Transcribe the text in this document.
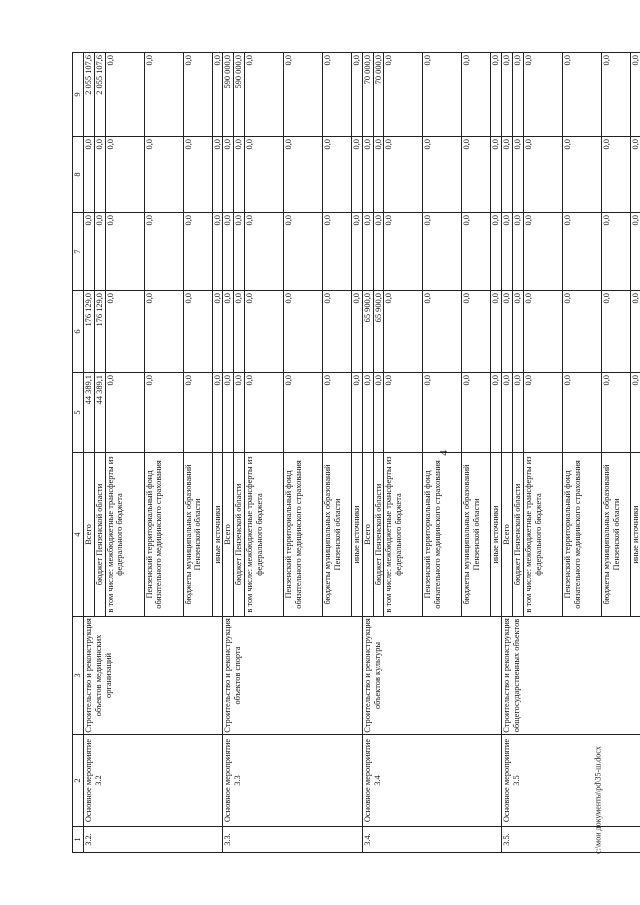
4
c:\мои документы\pd\35-ш.docx
1	2	3	4	5	6	7	8	9
3.2.	Основное мероприятие 3.2	Строительство и реконструкция объектов медицинских организаций	Всего	44 389,1	176 129,0	0,0	0,0	2 055 107,6
			бюджет Пензенской области	44 389,1	176 129,0	0,0	0,0	2 055 107,6
			в том числе: межбюджетные трансферты из федерального бюджета	0,0	0,0	0,0	0,0	0,0
			Пензенский территориальный фонд обязательного медицинского страхования	0,0	0,0	0,0	0,0	0,0
			бюджеты муниципальных образований Пензенской области	0,0	0,0	0,0	0,0	0,0
			иные источники	0,0	0,0	0,0	0,0	0,0
3.3.	Основное мероприятие 3.3	Строительство и реконструкция объектов спорта	Всего	0,0	0,0	0,0	0,0	590 000,0
			бюджет Пензенской области	0,0	0,0	0,0	0,0	590 000,0
			в том числе: межбюджетные трансферты из федерального бюджета	0,0	0,0	0,0	0,0	0,0
			Пензенский территориальный фонд обязательного медицинского страхования	0,0	0,0	0,0	0,0	0,0
			бюджеты муниципальных образований Пензенской области	0,0	0,0	0,0	0,0	0,0
			иные источники	0,0	0,0	0,0	0,0	0,0
3.4.	Основное мероприятие 3.4	Строительство и реконструкция объектов культуры	Всего	0,0	65 900,0	0,0	0,0	70 000,0
			бюджет Пензенской области	0,0	65 900,0	0,0	0,0	70 000,0
			в том числе: межбюджетные трансферты из федерального бюджета	0,0	0,0	0,0	0,0	0,0
			Пензенский территориальный фонд обязательного медицинского страхования	0,0	0,0	0,0	0,0	0,0
			бюджеты муниципальных образований Пензенской области	0,0	0,0	0,0	0,0	0,0
			иные источники	0,0	0,0	0,0	0,0	0,0
3.5.	Основное мероприятие 3.5	Строительство и реконструкция общегосударственных объектов	Всего	0,0	0,0	0,0	0,0	0,0
			бюджет Пензенской области	0,0	0,0	0,0	0,0	0,0
			в том числе: межбюджетные трансферты из федерального бюджета	0,0	0,0	0,0	0,0	0,0
			Пензенский территориальный фонд обязательного медицинского страхования	0,0	0,0	0,0	0,0	0,0
			бюджеты муниципальных образований Пензенской области	0,0	0,0	0,0	0,0	0,0
			иные источники	0,0	0,0	0,0	0,0	0,0
